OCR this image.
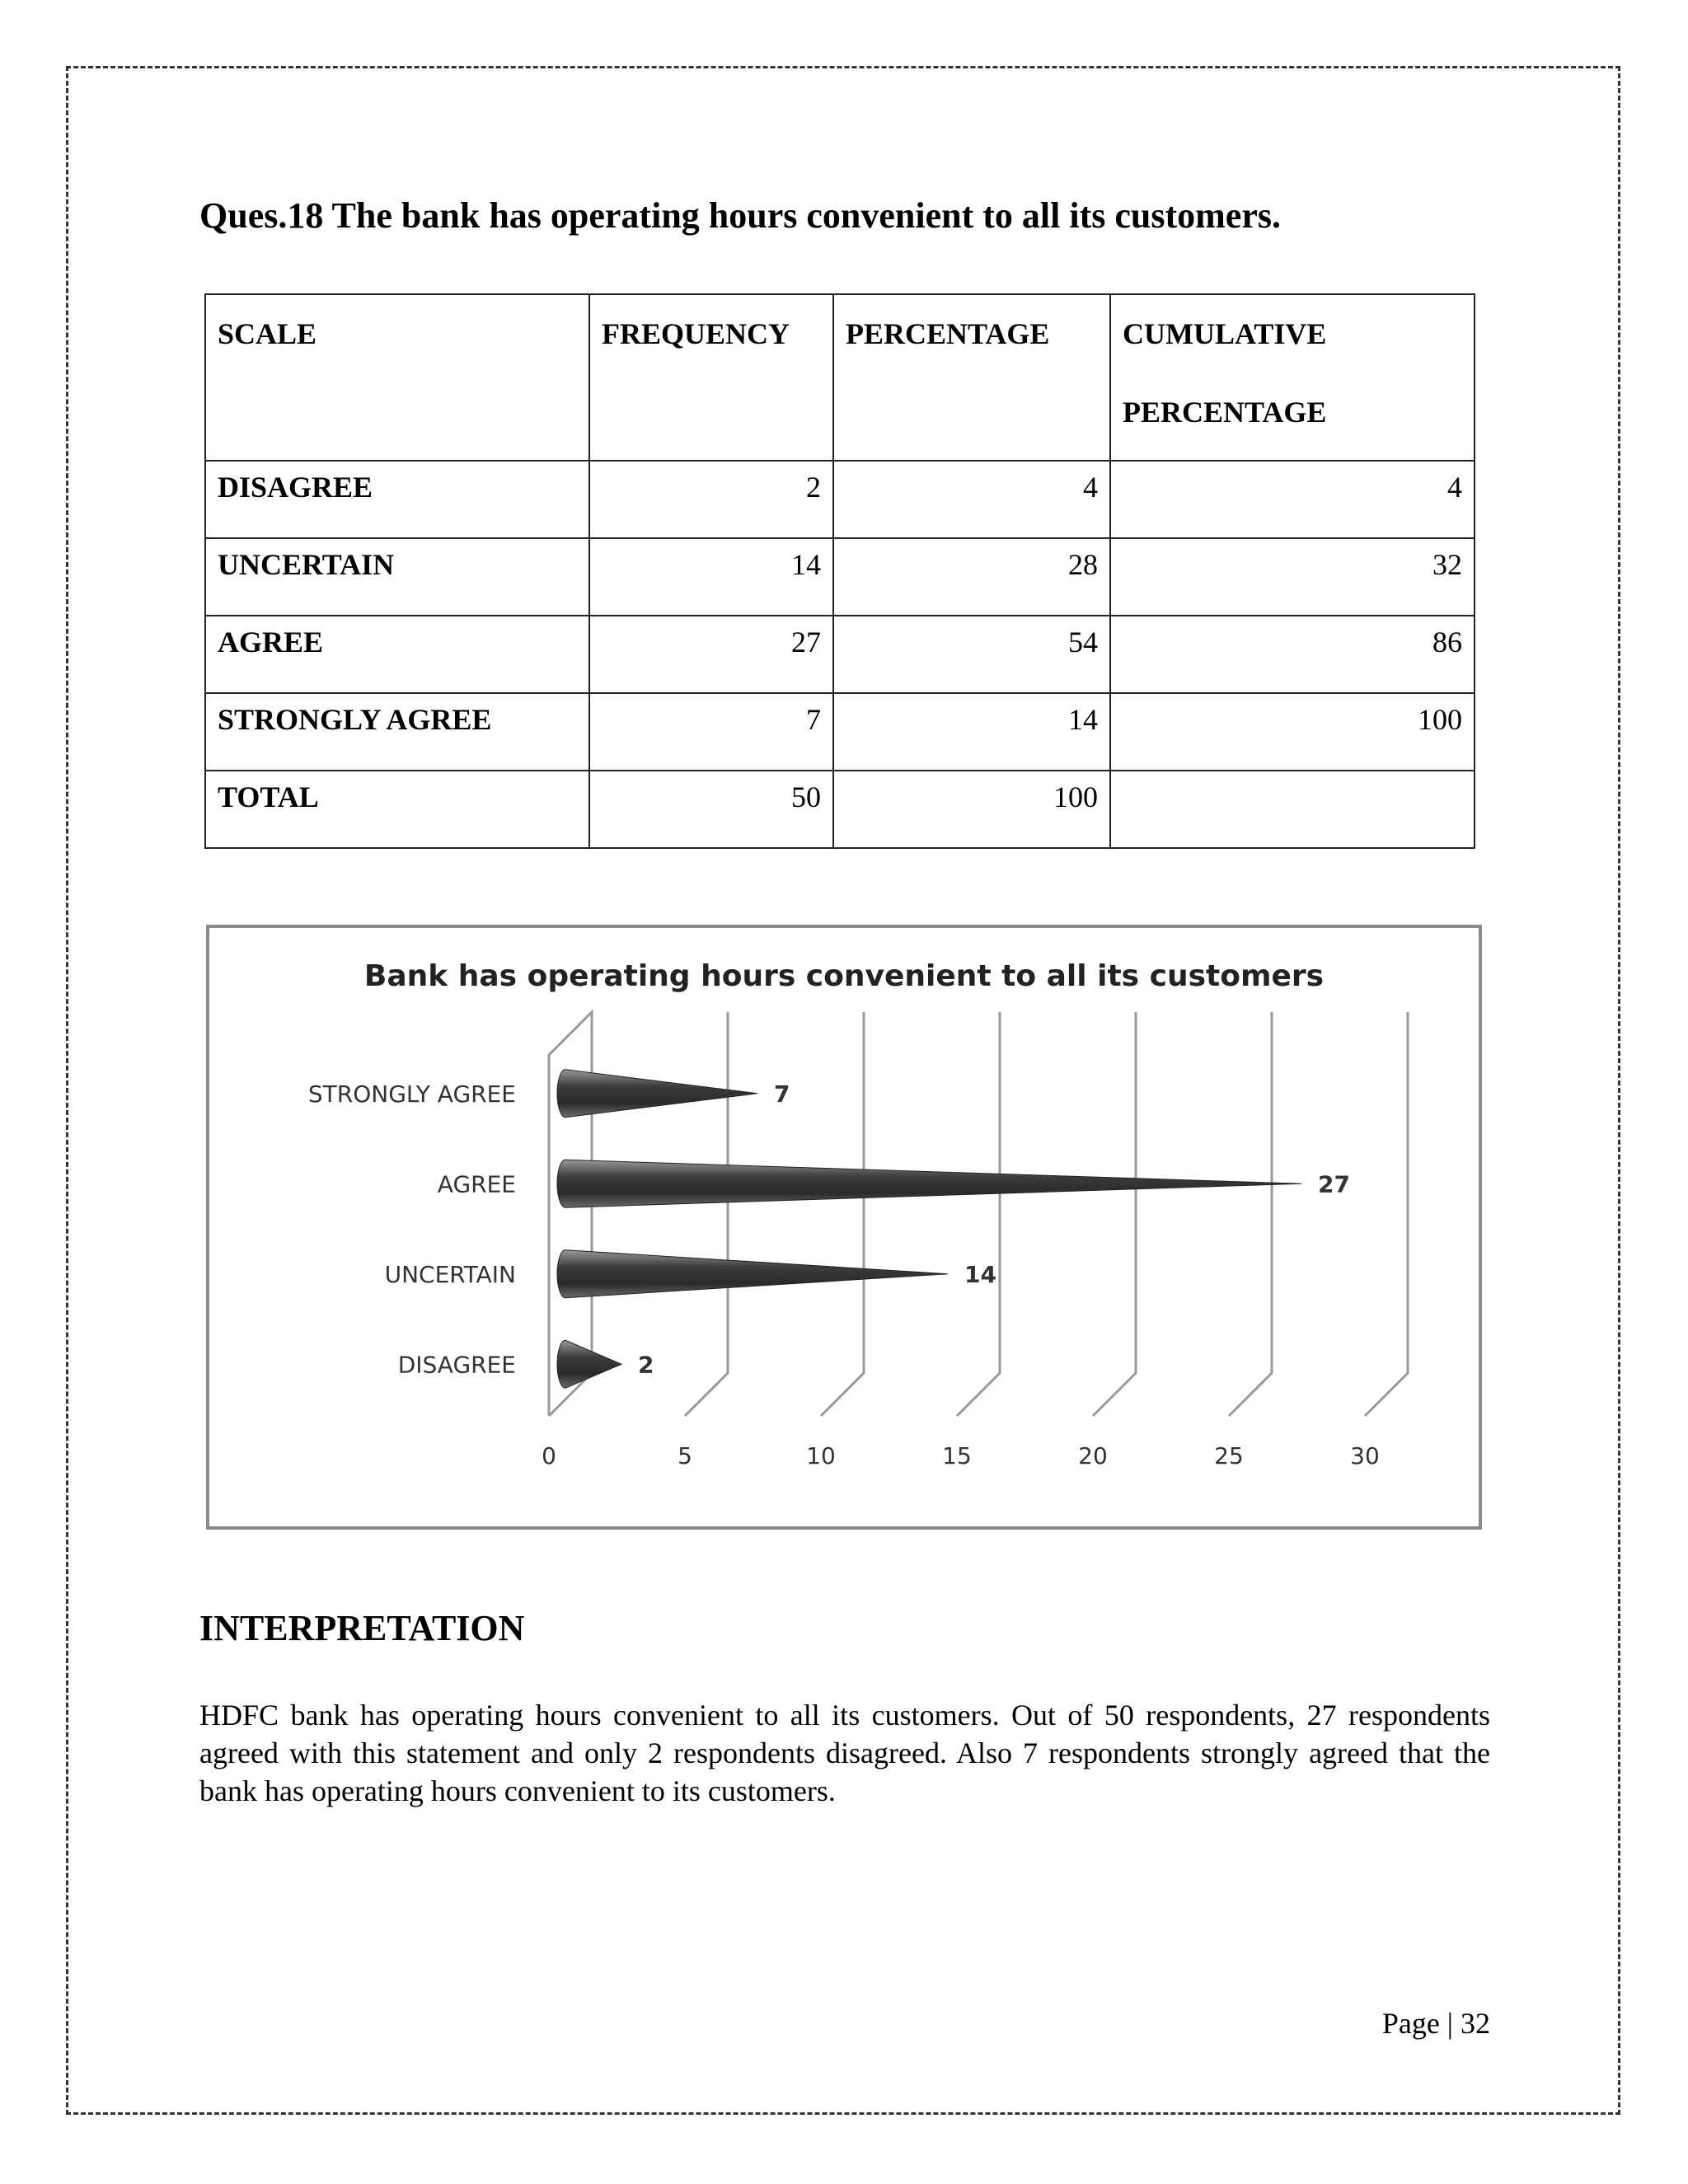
Ques.18 The bank has operating hours convenient to all its customers.
SCALE	FREQUENCY	PERCENTAGE	CUMULATIVE PERCENTAGE
DISAGREE	2	4	4
UNCERTAIN	14	28	32
AGREE	27	54	86
STRONGLY AGREE	7	14	100
TOTAL	50	100	
Bank has operating hours convenient to all its customers
0	5	10	15	20	25	30
7
STRONGLY AGREE
27
AGREE
14
UNCERTAIN
2
DISAGREE
INTERPRETATION
HDFC bank has operating hours convenient to all its customers. Out of 50 respondents, 27 respondents agreed with this statement and only 2 respondents disagreed. Also 7 respondents strongly agreed that the bank has operating hours convenient to its customers.
Page | 32
